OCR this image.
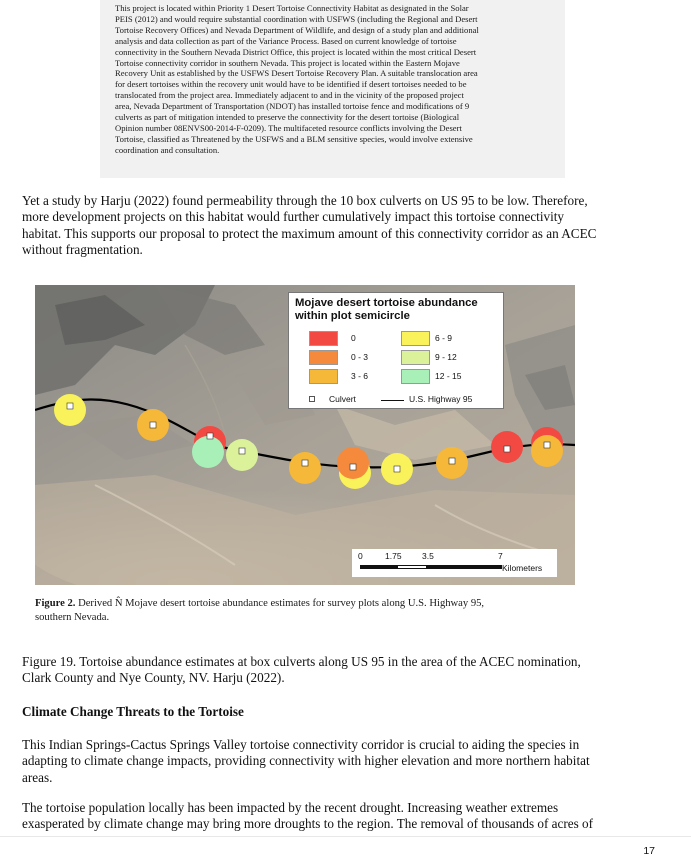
This project is located within Priority 1 Desert Tortoise Connectivity Habitat as designated in the Solar
PEIS (2012) and would require substantial coordination with USFWS (including the Regional and Desert
Tortoise Recovery Offices) and Nevada Department of Wildlife, and design of a study plan and additional
analysis and data collection as part of the Variance Process. Based on current knowledge of tortoise
connectivity in the Southern Nevada District Office, this project is located within the most critical Desert
Tortoise connectivity corridor in southern Nevada. This project is located within the Eastern Mojave
Recovery Unit as established by the USFWS Desert Tortoise Recovery Plan. A suitable translocation area
for desert tortoises within the recovery unit would have to be identified if desert tortoises needed to be
translocated from the project area. Immediately adjacent to and in the vicinity of the proposed project
area, Nevada Department of Transportation (NDOT) has installed tortoise fence and modifications of 9
culverts as part of mitigation intended to preserve the connectivity for the desert tortoise (Biological
Opinion number 08ENVS00-2014-F-0209). The multifaceted resource conflicts involving the Desert
Tortoise, classified as Threatened by the USFWS and a BLM sensitive species, would involve extensive
coordination and consultation.

Yet a study by Harju (2022) found permeability through the 10 box culverts on US 95 to be low. Therefore,
more development projects on this habitat would further cumulatively impact this tortoise connectivity
habitat. This supports our proposal to protect the maximum amount of this connectivity corridor as an ACEC
without fragmentation.

Mojave desert tortoise abundance
within plot semicircle
0
0 - 3
3 - 6
6 - 9
9 - 12
12 - 15
Culvert	U.S. Highway 95
0	1.75 3.5	7
Kilometers
Figure 2. Derived N̂ Mojave desert tortoise abundance estimates for survey plots along U.S. Highway 95,
southern Nevada.

Figure 19. Tortoise abundance estimates at box culverts along US 95 in the area of the ACEC nomination,
Clark County and Nye County, NV. Harju (2022).

Climate Change Threats to the Tortoise

This Indian Springs-Cactus Springs Valley tortoise connectivity corridor is crucial to aiding the species in
adapting to climate change impacts, providing connectivity with higher elevation and more northern habitat
areas.

The tortoise population locally has been impacted by the recent drought. Increasing weather extremes
exasperated by climate change may bring more droughts to the region. The removal of thousands of acres of

17
